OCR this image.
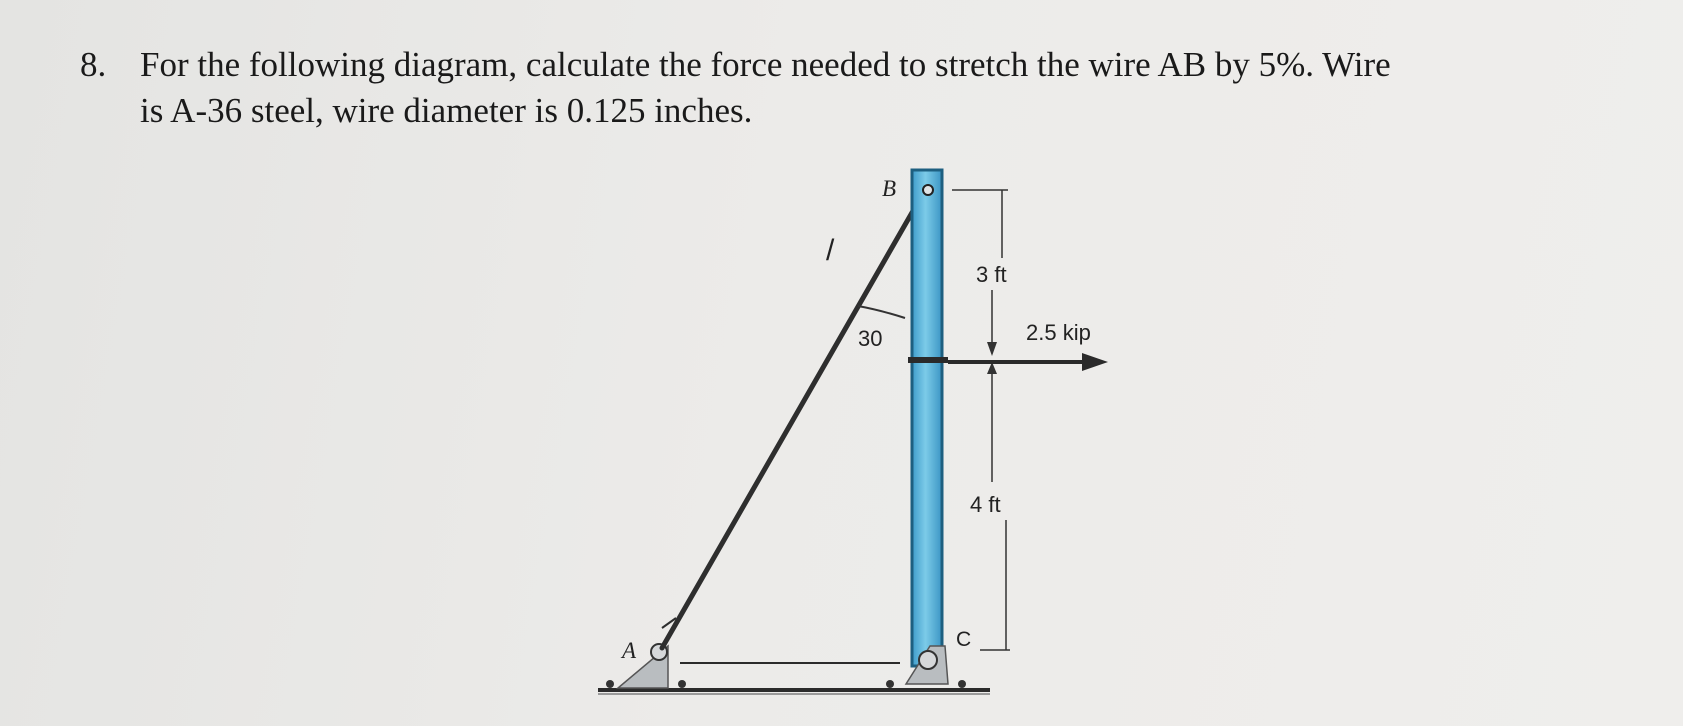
8. For the following diagram, calculate the force needed to stretch the wire AB by 5%. Wire
is A-36 steel, wire diameter is 0.125 inches.
B
/
30
3 ft
2.5 kip
4 ft
C
A
